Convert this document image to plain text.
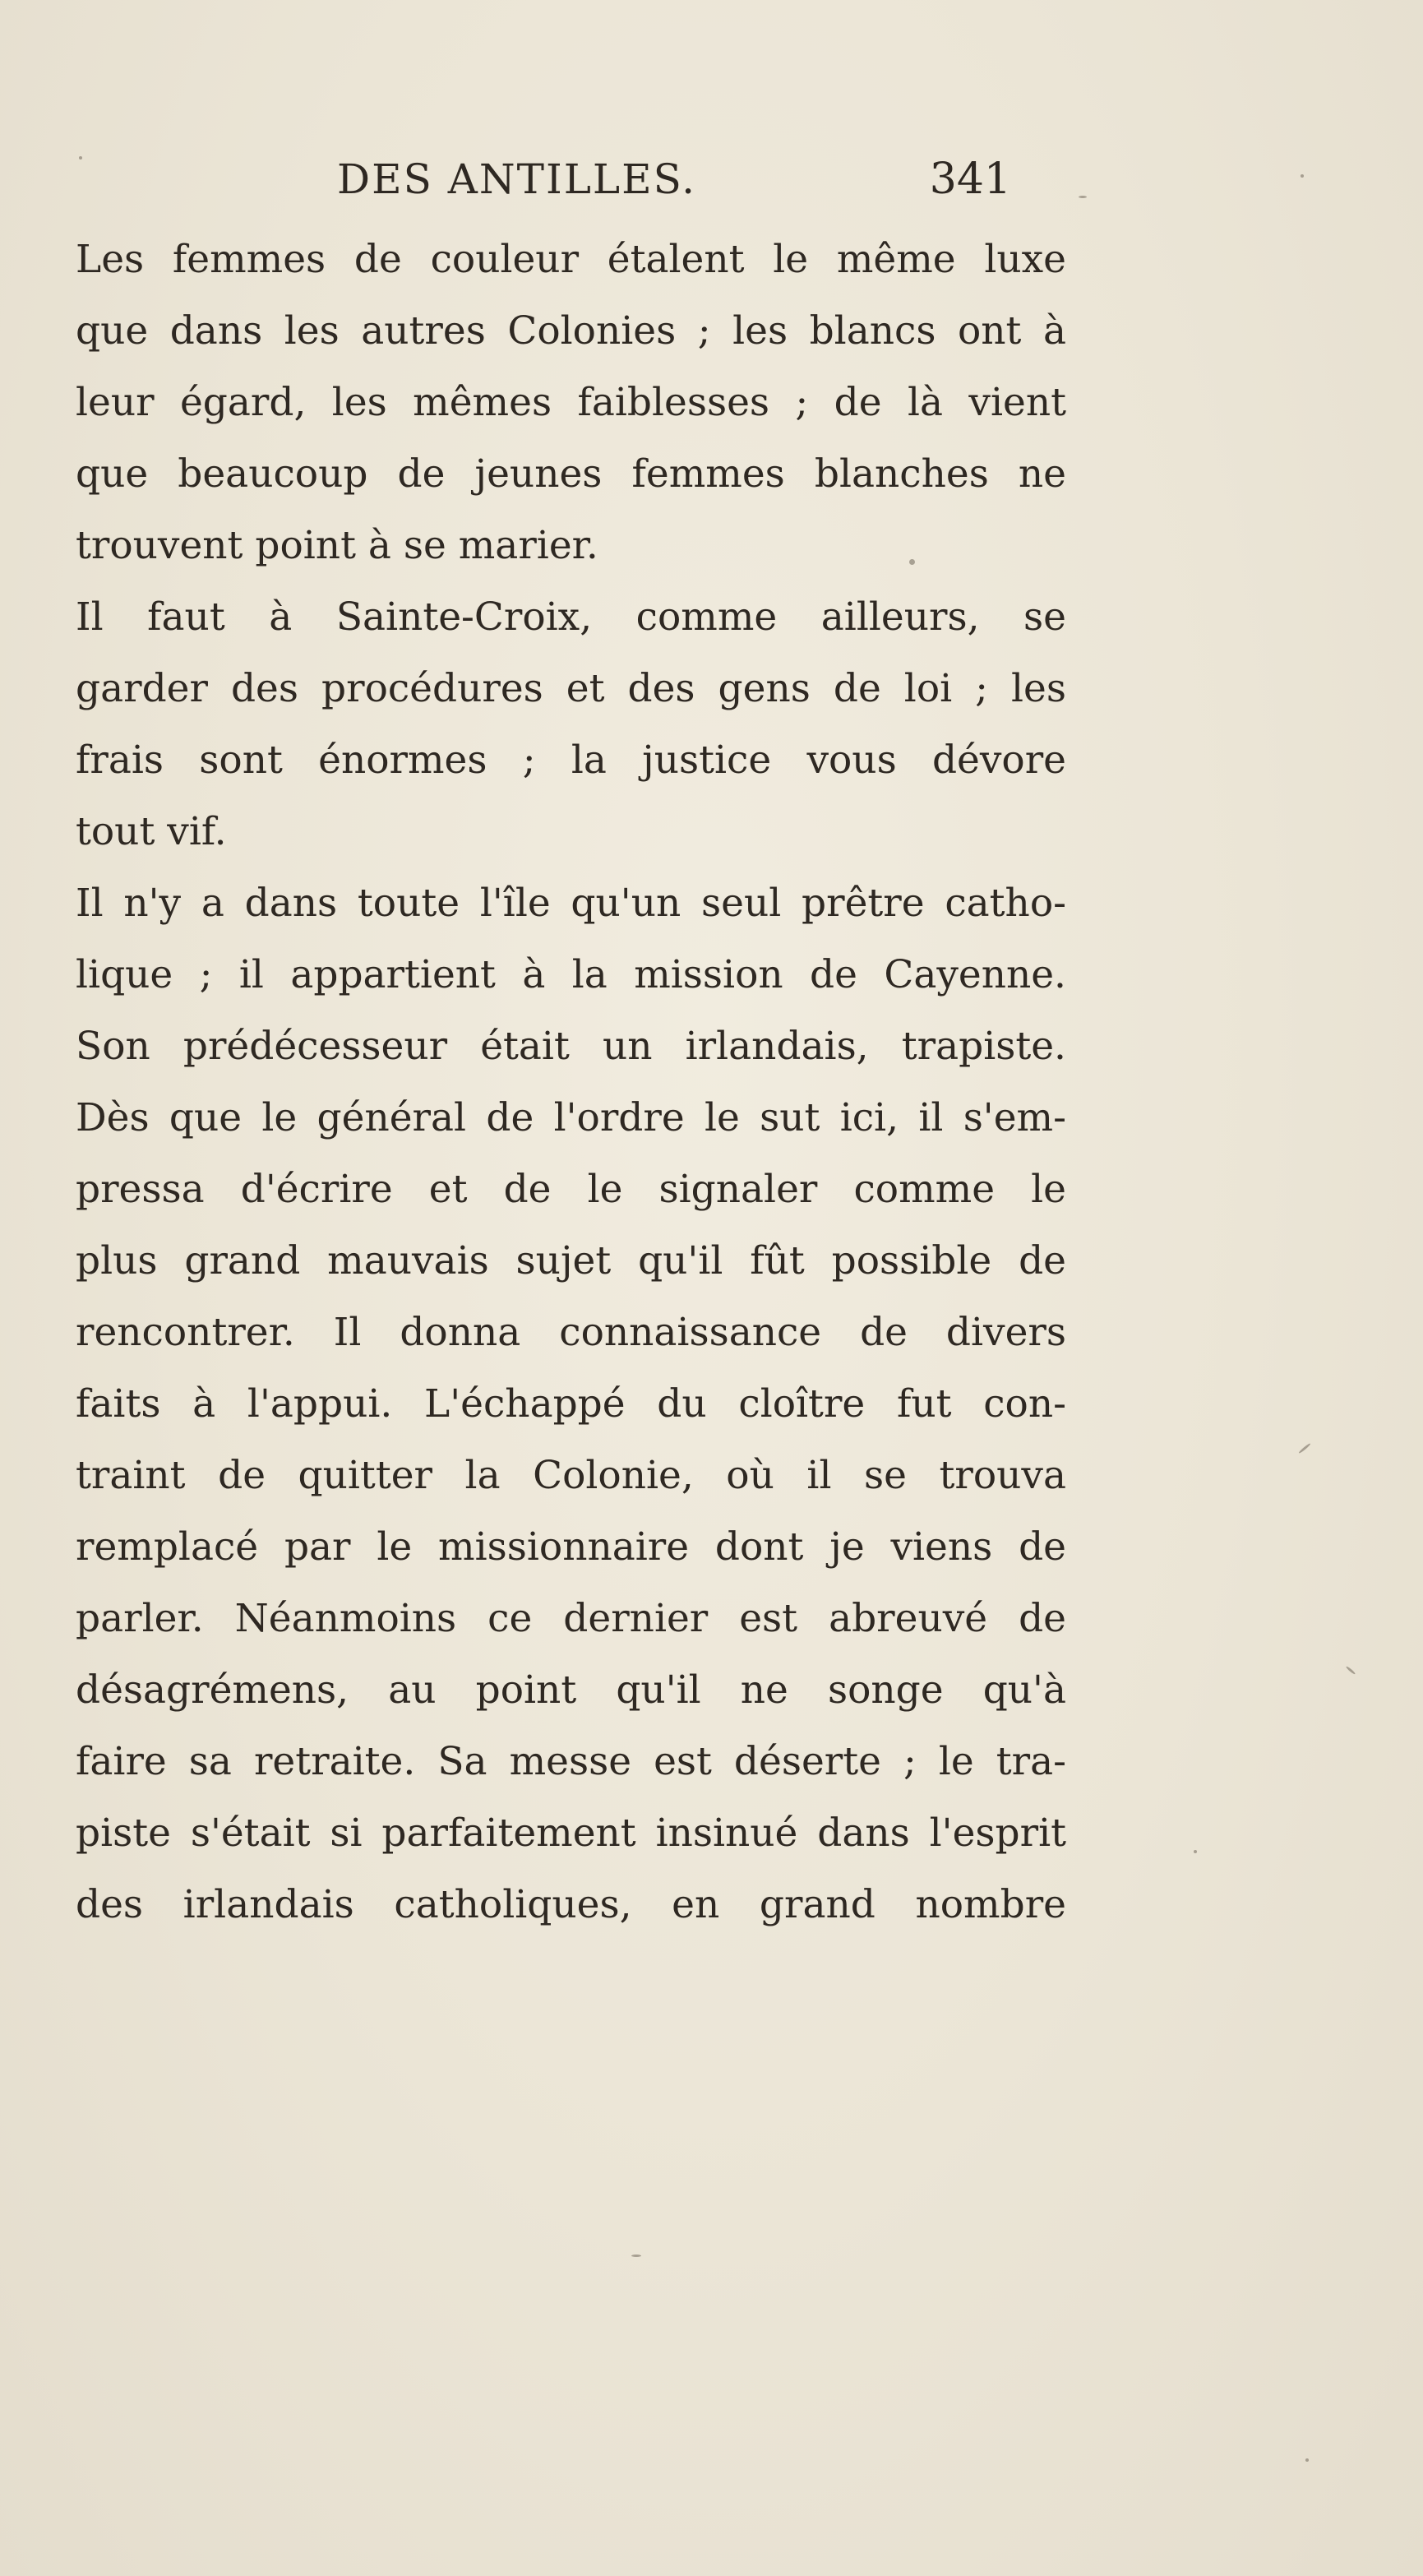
DES ANTILLES.	341

Les femmes de couleur étalent le même luxe
que dans les autres Colonies ; les blancs ont à
leur égard, les mêmes faiblesses ; de là vient
que beaucoup de jeunes femmes blanches ne
trouvent point à se marier.

Il faut à Sainte-Croix, comme ailleurs, se
garder des procédures et des gens de loi ; les
frais sont énormes ; la justice vous dévore
tout vif.

Il n'y a dans toute l'île qu'un seul prêtre catho-
lique ; il appartient à la mission de Cayenne.
Son prédécesseur était un irlandais, trapiste.
Dès que le général de l'ordre le sut ici, il s'em-
pressa d'écrire et de le signaler comme le
plus grand mauvais sujet qu'il fût possible de
rencontrer. Il donna connaissance de divers
faits à l'appui. L'échappé du cloître fut con-
traint de quitter la Colonie, où il se trouva
remplacé par le missionnaire dont je viens de
parler. Néanmoins ce dernier est abreuvé de
désagrémens, au point qu'il ne songe qu'à
faire sa retraite. Sa messe est déserte ; le tra-
piste s'était si parfaitement insinué dans l'esprit
des irlandais catholiques, en grand nombre
